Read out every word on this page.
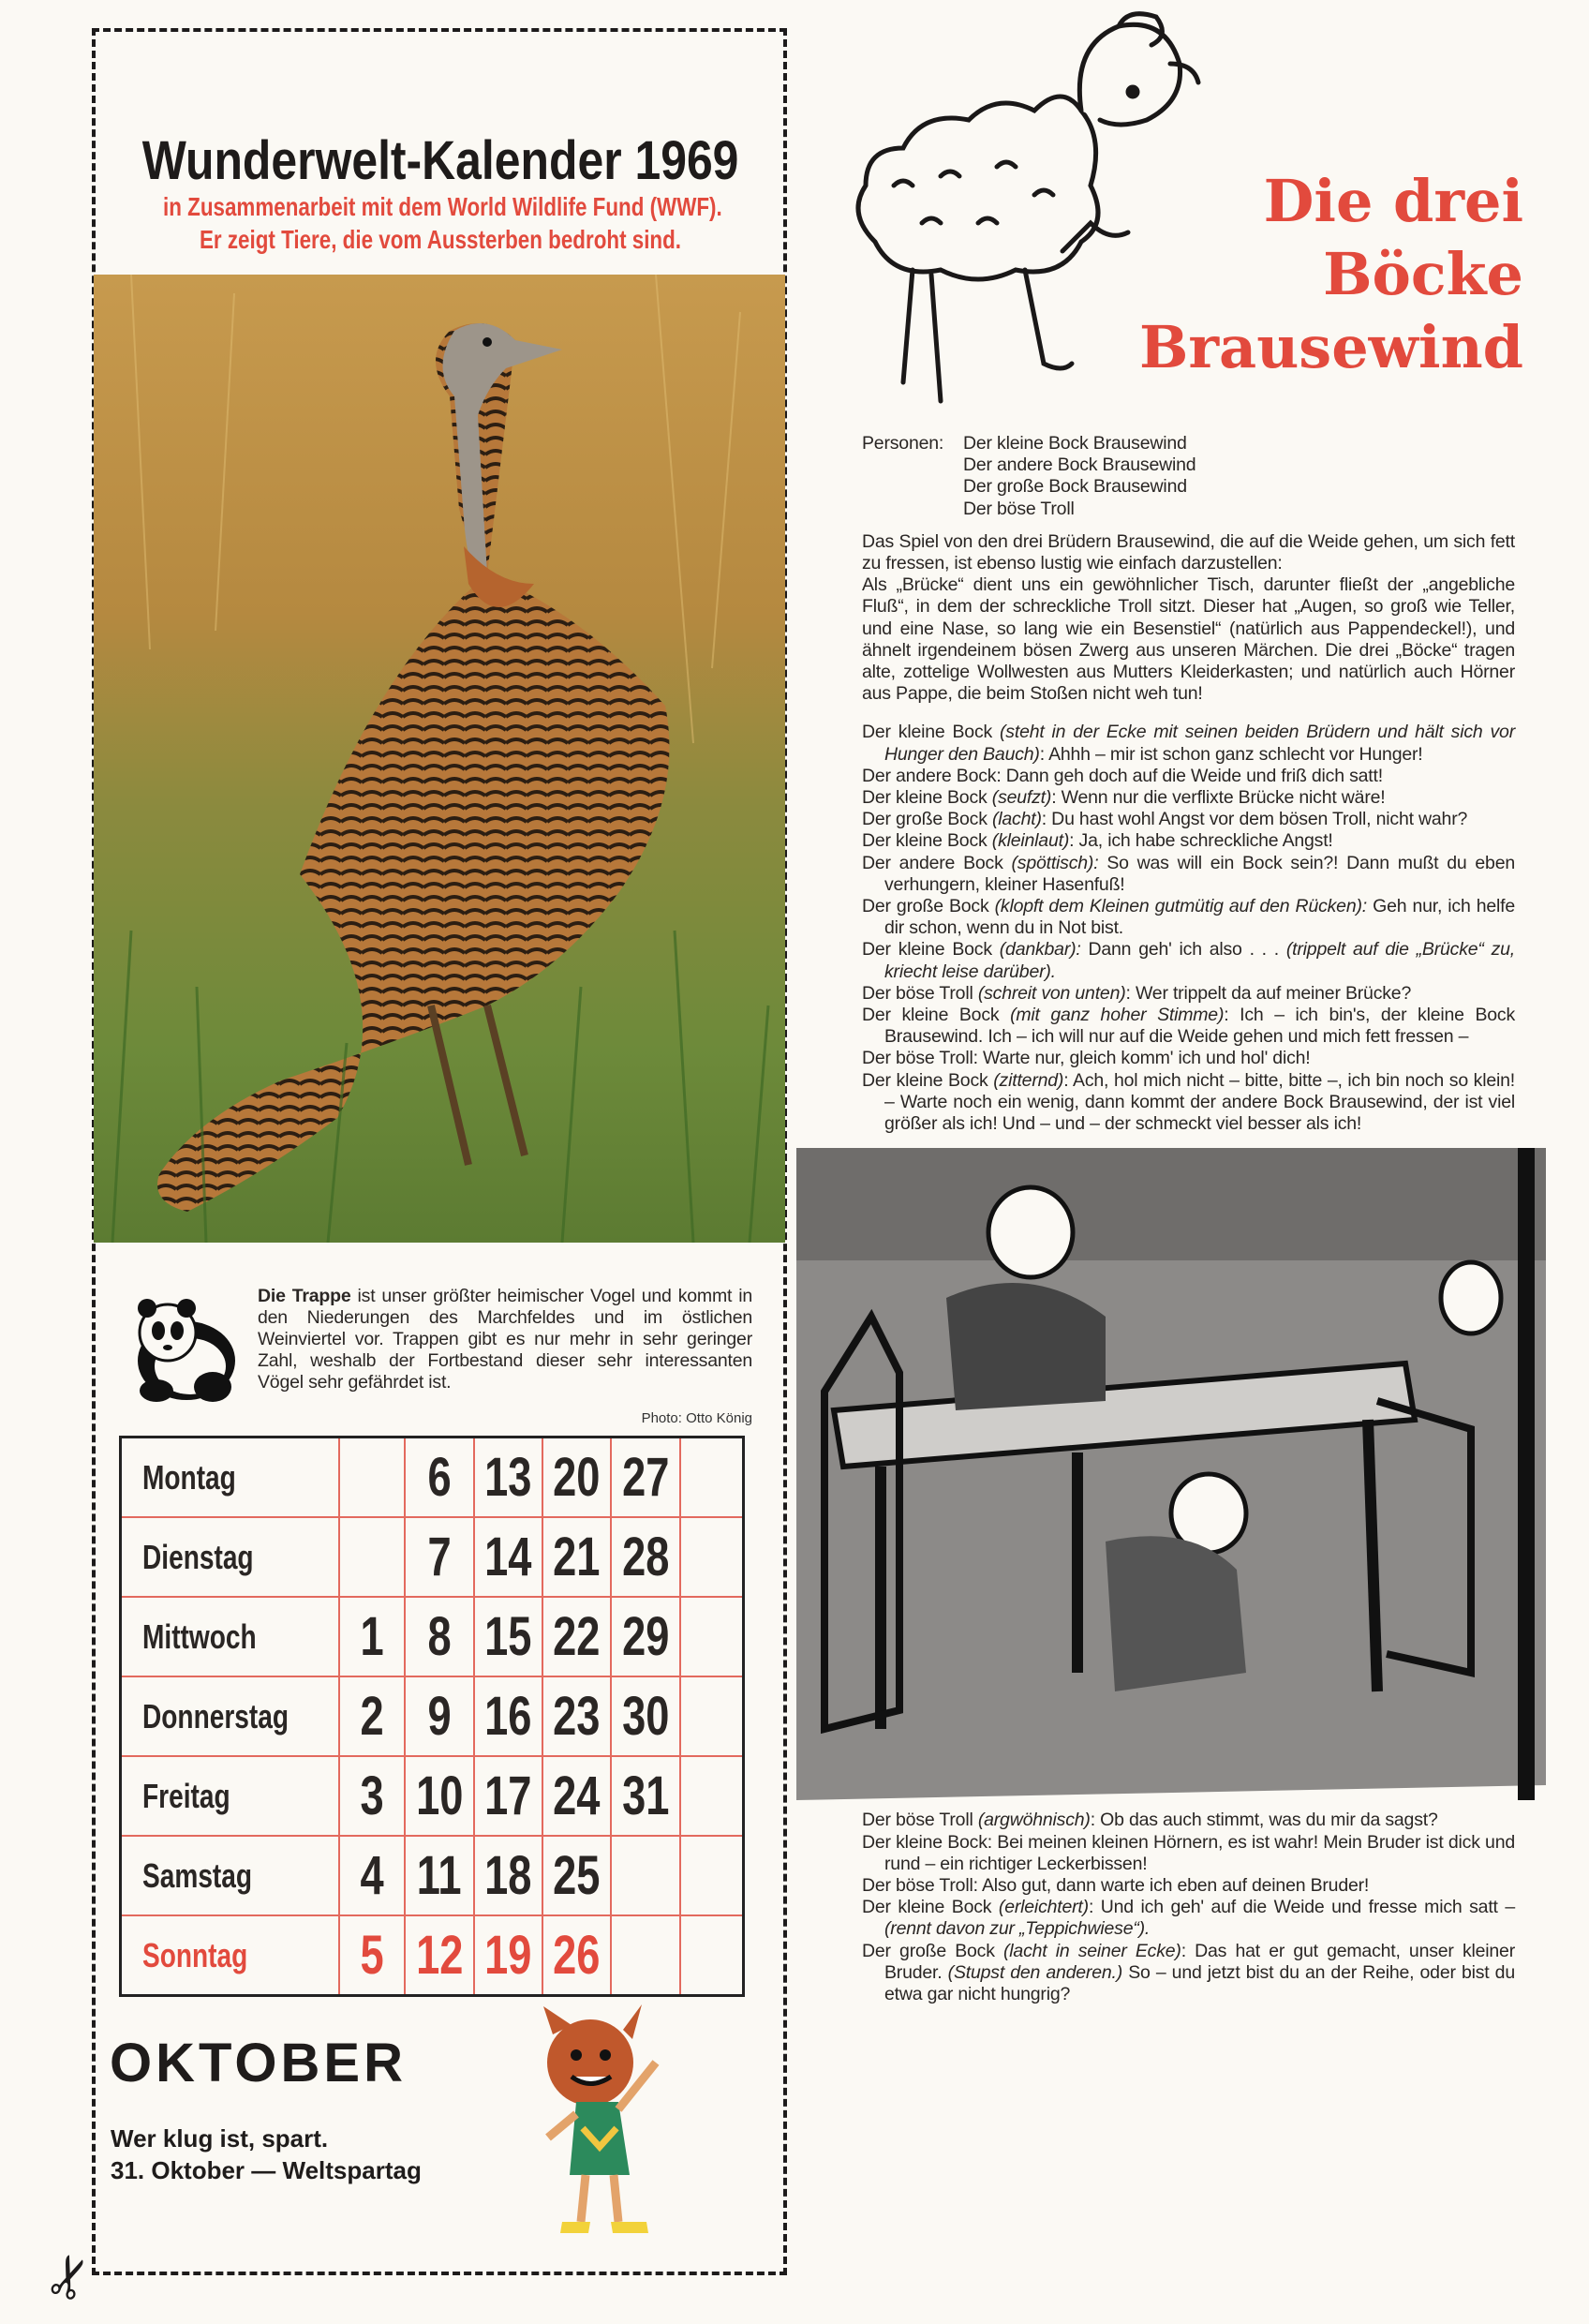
✂
Wunderwelt-Kalender 1969
in Zusammenarbeit mit dem World Wildlife Fund (WWF).
Er zeigt Tiere, die vom Aussterben bedroht sind.
Die Trappe ist unser größter heimischer Vogel und kommt in den Niederungen des Marchfeldes und im östlichen Weinviertel vor. Trappen gibt es nur mehr in sehr geringer Zahl, weshalb der Fortbestand dieser sehr interessanten Vögel sehr gefährdet ist.
Photo: Otto König
Montag		6	13	20	27	
Dienstag		7	14	21	28	
Mittwoch	1	8	15	22	29	
Donnerstag	2	9	16	23	30	
Freitag	3	10	17	24	31	
Samstag	4	11	18	25		
Sonntag	5	12	19	26		
OKTOBER
Wer klug ist, spart.
31. Oktober — Weltspartag
Die drei
Böcke
Brausewind
Personen: Der kleine Bock Brausewind
Der andere Bock Brausewind
Der große Bock Brausewind
Der böse Troll

Das Spiel von den drei Brüdern Brausewind, die auf die Weide gehen, um sich fett zu fressen, ist ebenso lustig wie einfach darzustellen:

Als „Brücke“ dient uns ein gewöhnlicher Tisch, darunter fließt der „angebliche Fluß“, in dem der schreckliche Troll sitzt. Dieser hat „Augen, so groß wie Teller, und eine Nase, so lang wie ein Besenstiel“ (natürlich aus Pappendeckel!), und ähnelt irgendeinem bösen Zwerg aus unseren Märchen. Die drei „Böcke“ tragen alte, zottelige Wollwesten aus Mutters Kleiderkasten; und natürlich auch Hörner aus Pappe, die beim Stoßen nicht weh tun!

Der kleine Bock (steht in der Ecke mit seinen beiden Brüdern und hält sich vor Hunger den Bauch): Ahhh – mir ist schon ganz schlecht vor Hunger!

Der andere Bock: Dann geh doch auf die Weide und friß dich satt!

Der kleine Bock (seufzt): Wenn nur die verflixte Brücke nicht wäre!

Der große Bock (lacht): Du hast wohl Angst vor dem bösen Troll, nicht wahr?

Der kleine Bock (kleinlaut): Ja, ich habe schreckliche Angst!

Der andere Bock (spöttisch): So was will ein Bock sein?! Dann mußt du eben verhungern, kleiner Hasenfuß!

Der große Bock (klopft dem Kleinen gutmütig auf den Rücken): Geh nur, ich helfe dir schon, wenn du in Not bist.

Der kleine Bock (dankbar): Dann geh' ich also . . . (trippelt auf die „Brücke“ zu, kriecht leise darüber).

Der böse Troll (schreit von unten): Wer trippelt da auf meiner Brücke?

Der kleine Bock (mit ganz hoher Stimme): Ich – ich bin's, der kleine Bock Brausewind. Ich – ich will nur auf die Weide gehen und mich fett fressen –

Der böse Troll: Warte nur, gleich komm' ich und hol' dich!

Der kleine Bock (zitternd): Ach, hol mich nicht – bitte, bitte –, ich bin noch so klein! – Warte noch ein wenig, dann kommt der andere Bock Brausewind, der ist viel größer als ich! Und – und – der schmeckt viel besser als ich!

Der böse Troll (argwöhnisch): Ob das auch stimmt, was du mir da sagst?

Der kleine Bock: Bei meinen kleinen Hörnern, es ist wahr! Mein Bruder ist dick und rund – ein richtiger Leckerbissen!

Der böse Troll: Also gut, dann warte ich eben auf deinen Bruder!

Der kleine Bock (erleichtert): Und ich geh' auf die Weide und fresse mich satt – (rennt davon zur „Teppichwiese“).

Der große Bock (lacht in seiner Ecke): Das hat er gut gemacht, unser kleiner Bruder. (Stupst den anderen.) So – und jetzt bist du an der Reihe, oder bist du etwa gar nicht hungrig?
